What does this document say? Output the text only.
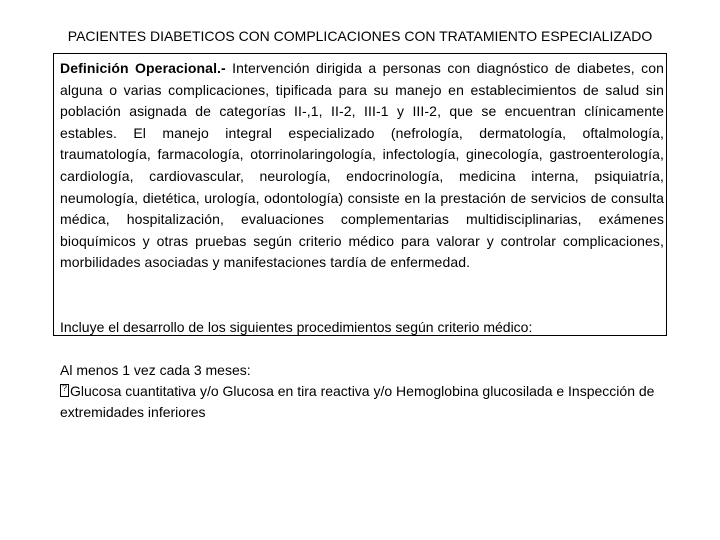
PACIENTES DIABETICOS CON COMPLICACIONES CON TRATAMIENTO ESPECIALIZADO

Definición Operacional.- Intervención dirigida a personas con diagnóstico de diabetes, con alguna o varias complicaciones, tipificada para su manejo en establecimientos de salud sin población asignada de categorías II-,1, II-2, III-1 y III-2, que se encuentran clínicamente estables. El manejo integral especializado (nefrología, dermatología, oftalmología, traumatología, farmacología, otorrinolaringología, infectología, ginecología, gastroenterología, cardiología, cardiovascular, neurología, endocrinología, medicina interna, psiquiatría, neumología, dietética, urología, odontología) consiste en la prestación de servicios de consulta médica, hospitalización, evaluaciones complementarias multidisciplinarias, exámenes bioquímicos y otras pruebas según criterio médico para valorar y controlar complicaciones, morbilidades asociadas y manifestaciones tardía de enfermedad.

Incluye el desarrollo de los siguientes procedimientos según criterio médico:

Al menos 1 vez cada 3 meses:

?Glucosa cuantitativa y/o Glucosa en tira reactiva y/o Hemoglobina glucosilada e Inspección de extremidades inferiores
